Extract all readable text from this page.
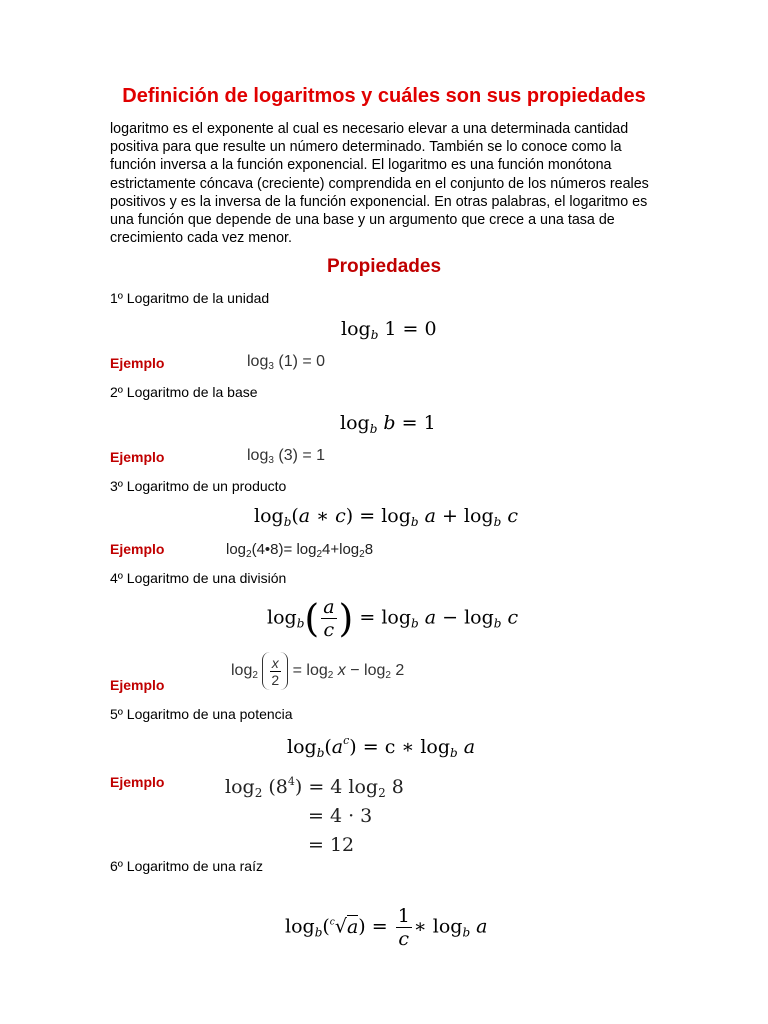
Definición de logaritmos y cuáles son sus propiedades
logaritmo es el exponente al cual es necesario elevar a una determinada cantidad positiva para que resulte un número determinado. También se lo conoce como la función inversa a la función exponencial. El logaritmo es una función monótona estrictamente cóncava (creciente) comprendida en el conjunto de los números reales positivos y es la inversa de la función exponencial. En otras palabras, el logaritmo es una función que depende de una base y un argumento que crece a una tasa de crecimiento cada vez menor.
Propiedades
1º Logaritmo de la unidad
$\log_b 1 = 0$
Ejemplo	$\log_3 (1) = 0$
2º Logaritmo de la base
$\log_b b = 1$
Ejemplo	$\log_3 (3) = 1$
3º Logaritmo de un producto
$\log_b(a$ ∗ $c) = \log_b a + \log_b c$
Ejemplo	$\log_2(4•8)= \log_24+\log_28$
4º Logaritmo de una división
$\log_b( \frac{a}{c}$ ) = $\log_b a - \log_b c$
Ejemplo
$\log_2 \frac{x}{2} = \log_2 x - \log_2 2$
5º Logaritmo de una potencia
$\log_b(a^c) = c$ ∗ $\log_b a$
Ejemplo	$\log_2 (8^4) = 4$ $\log_2 8$
= 4 · 3
= 12
6º Logaritmo de una raíz
$\log_b(^c√a) = \frac{1}{c}$ ∗ $\log_b a$
